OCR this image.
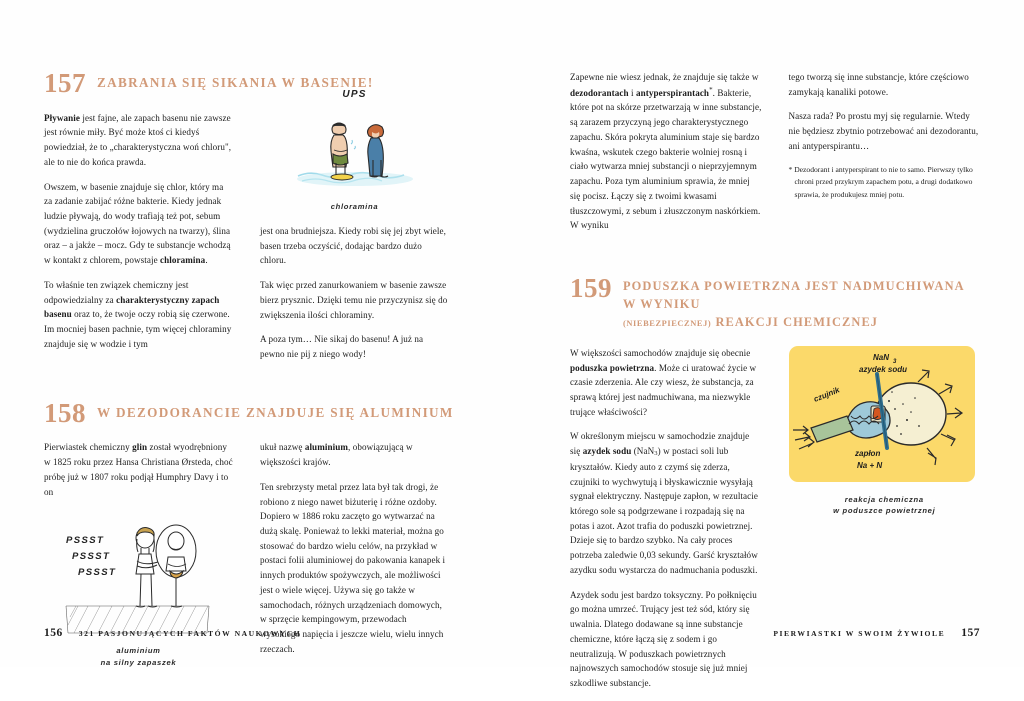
157 ZABRANIA SIĘ SIKANIA W BASENIE!

Pływanie jest fajne, ale zapach basenu nie zawsze jest równie miły. Być może ktoś ci kiedyś powiedział, że to „charakterystyczna woń chloru", ale to nie do końca prawda.

Owszem, w basenie znajduje się chlor, który ma za zadanie zabijać różne bakterie. Kiedy jednak ludzie pływają, do wody trafiają też pot, sebum (wydzielina gruczołów łojowych na twarzy), ślina oraz – a jakże – mocz. Gdy te substancje wchodzą w kontakt z chlorem, powstaje chloramina.

To właśnie ten związek chemiczny jest odpowiedzialny za charakterystyczny zapach basenu oraz to, że twoje oczy robią się czerwone. Im mocniej basen pachnie, tym więcej chloraminy znajduje się w wodzie i tym

UPS
chloramina

jest ona brudniejsza. Kiedy robi się jej zbyt wiele, basen trzeba oczyścić, dodając bardzo dużo chloru.

Tak więc przed zanurkowaniem w basenie zawsze bierz prysznic. Dzięki temu nie przyczynisz się do zwiększenia ilości chloraminy.

A poza tym… Nie sikaj do basenu! A już na pewno nie pij z niego wody!

158 W DEZODORANCIE ZNAJDUJE SIĘ ALUMINIUM

Pierwiastek chemiczny glin został wyodrębniony w 1825 roku przez Hansa Christiana Ørsteda, choć próbę już w 1807 roku podjął Humphry Davy i to on

PSSST
PSSST
PSSST
aluminium
na silny zapaszek

ukuł nazwę aluminium, obowiązującą w większości krajów.

Ten srebrzysty metal przez lata był tak drogi, że robiono z niego nawet biżuterię i różne ozdoby. Dopiero w 1886 roku zaczęto go wytwarzać na dużą skalę. Ponieważ to lekki materiał, można go stosować do bardzo wielu celów, na przykład w postaci folii aluminiowej do pakowania kanapek i innych produktów spożywczych, ale możliwości jest o wiele więcej. Używa się go także w samochodach, różnych urządzeniach domowych, w sprzęcie kempingowym, przewodach wysokiego napięcia i jeszcze wielu, wielu innych rzeczach.

156 321 PASJONUJĄCYCH FAKTÓW NAUKOWYCH

Zapewne nie wiesz jednak, że znajduje się także w dezodorantach i antyperspirantach*. Bakterie, które pot na skórze przetwarzają w inne substancje, są zarazem przyczyną jego charakterystycznego zapachu. Skóra pokryta aluminium staje się bardzo kwaśna, wskutek czego bakterie wolniej rosną i ciało wytwarza mniej substancji o nieprzyjemnym zapachu. Poza tym aluminium sprawia, że mniej się pocisz. Łączy się z twoimi kwasami tłuszczowymi, z sebum i złuszczonym naskórkiem. W wyniku

tego tworzą się inne substancje, które częściowo zamykają kanaliki potowe.

Nasza rada? Po prostu myj się regularnie. Wtedy nie będziesz zbytnio potrzebować ani dezodorantu, ani antyperspirantu…

* Dezodorant i antyperspirant to nie to samo. Pierwszy tylko chroni przed przykrym zapachem potu, a drugi dodatkowo sprawia, że produkujesz mniej potu.

159 PODUSZKA POWIETRZNA JEST NADMUCHIWANA W WYNIKU
(NIEBEZPIECZNEJ) REAKCJI CHEMICZNEJ

W większości samochodów znajduje się obecnie poduszka powietrzna. Może ci uratować życie w czasie zderzenia. Ale czy wiesz, że substancja, za sprawą której jest nadmuchiwana, ma niezwykle trujące właściwości?

W określonym miejscu w samochodzie znajduje się azydek sodu (NaN3) w postaci soli lub kryształów. Kiedy auto z czymś się zderza, czujniki to wychwytują i błyskawicznie wysyłają sygnał elektryczny. Następuje zapłon, w rezultacie którego sole są podgrzewane i rozpadają się na potas i azot. Azot trafia do poduszki powietrznej. Dzieje się to bardzo szybko. Na cały proces potrzeba zaledwie 0,03 sekundy. Garść kryształów azydku sodu wystarcza do nadmuchania poduszki.

Azydek sodu jest bardzo toksyczny. Po połknięciu go można umrzeć. Trujący jest też sód, który się uwalnia. Dlatego dodawane są inne substancje chemiczne, które łączą się z sodem i go neutralizują. W poduszkach powietrznych najnowszych samochodów stosuje się już mniej szkodliwe substancje.

NaN 3
azydek sodu
czujnik
zapłon
Na + N
reakcja chemiczna
w poduszce powietrznej
PIERWIASTKI W SWOIM ŻYWIOLE 157
